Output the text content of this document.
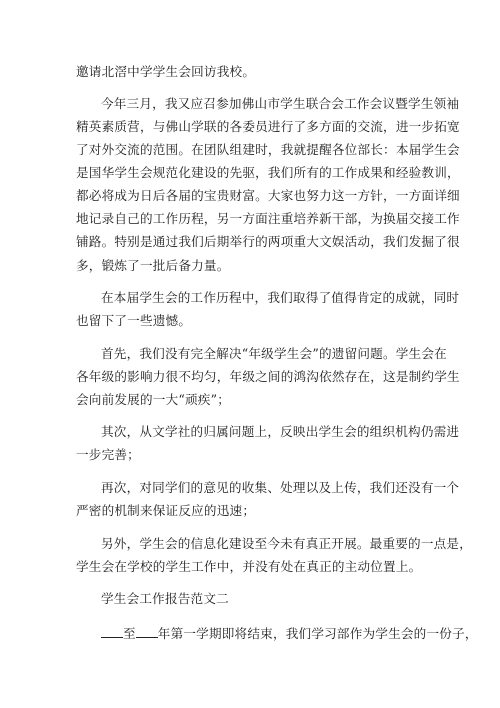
邀请北滘中学学生会回访我校。
今年三月，我又应召参加佛山市学生联合会工作会议暨学生领袖
精英素质营，与佛山学联的各委员进行了多方面的交流，进一步拓宽
了对外交流的范围。在团队组建时，我就提醒各位部长：本届学生会
是国华学生会规范化建设的先驱，我们所有的工作成果和经验教训，
都必将成为日后各届的宝贵财富。大家也努力这一方针，一方面详细
地记录自己的工作历程，另一方面注重培养新干部，为换届交接工作
铺路。特别是通过我们后期举行的两项重大文娱活动，我们发掘了很
多，锻炼了一批后备力量。
在本届学生会的工作历程中，我们取得了值得肯定的成就，同时
也留下了一些遗憾。
首先，我们没有完全解决“年级学生会”的遗留问题。学生会在
各年级的影响力很不均匀，年级之间的鸿沟依然存在，这是制约学生
会向前发展的一大“顽疾”；
其次，从文学社的归属问题上，反映出学生会的组织机构仍需进
一步完善；
再次，对同学们的意见的收集、处理以及上传，我们还没有一个
严密的机制来保证反应的迅速；
另外，学生会的信息化建设至今未有真正开展。最重要的一点是，
学生会在学校的学生工作中，并没有处在真正的主动位置上。
学生会工作报告范文二
至 年第一学期即将结束，我们学习部作为学生会的一份子，
